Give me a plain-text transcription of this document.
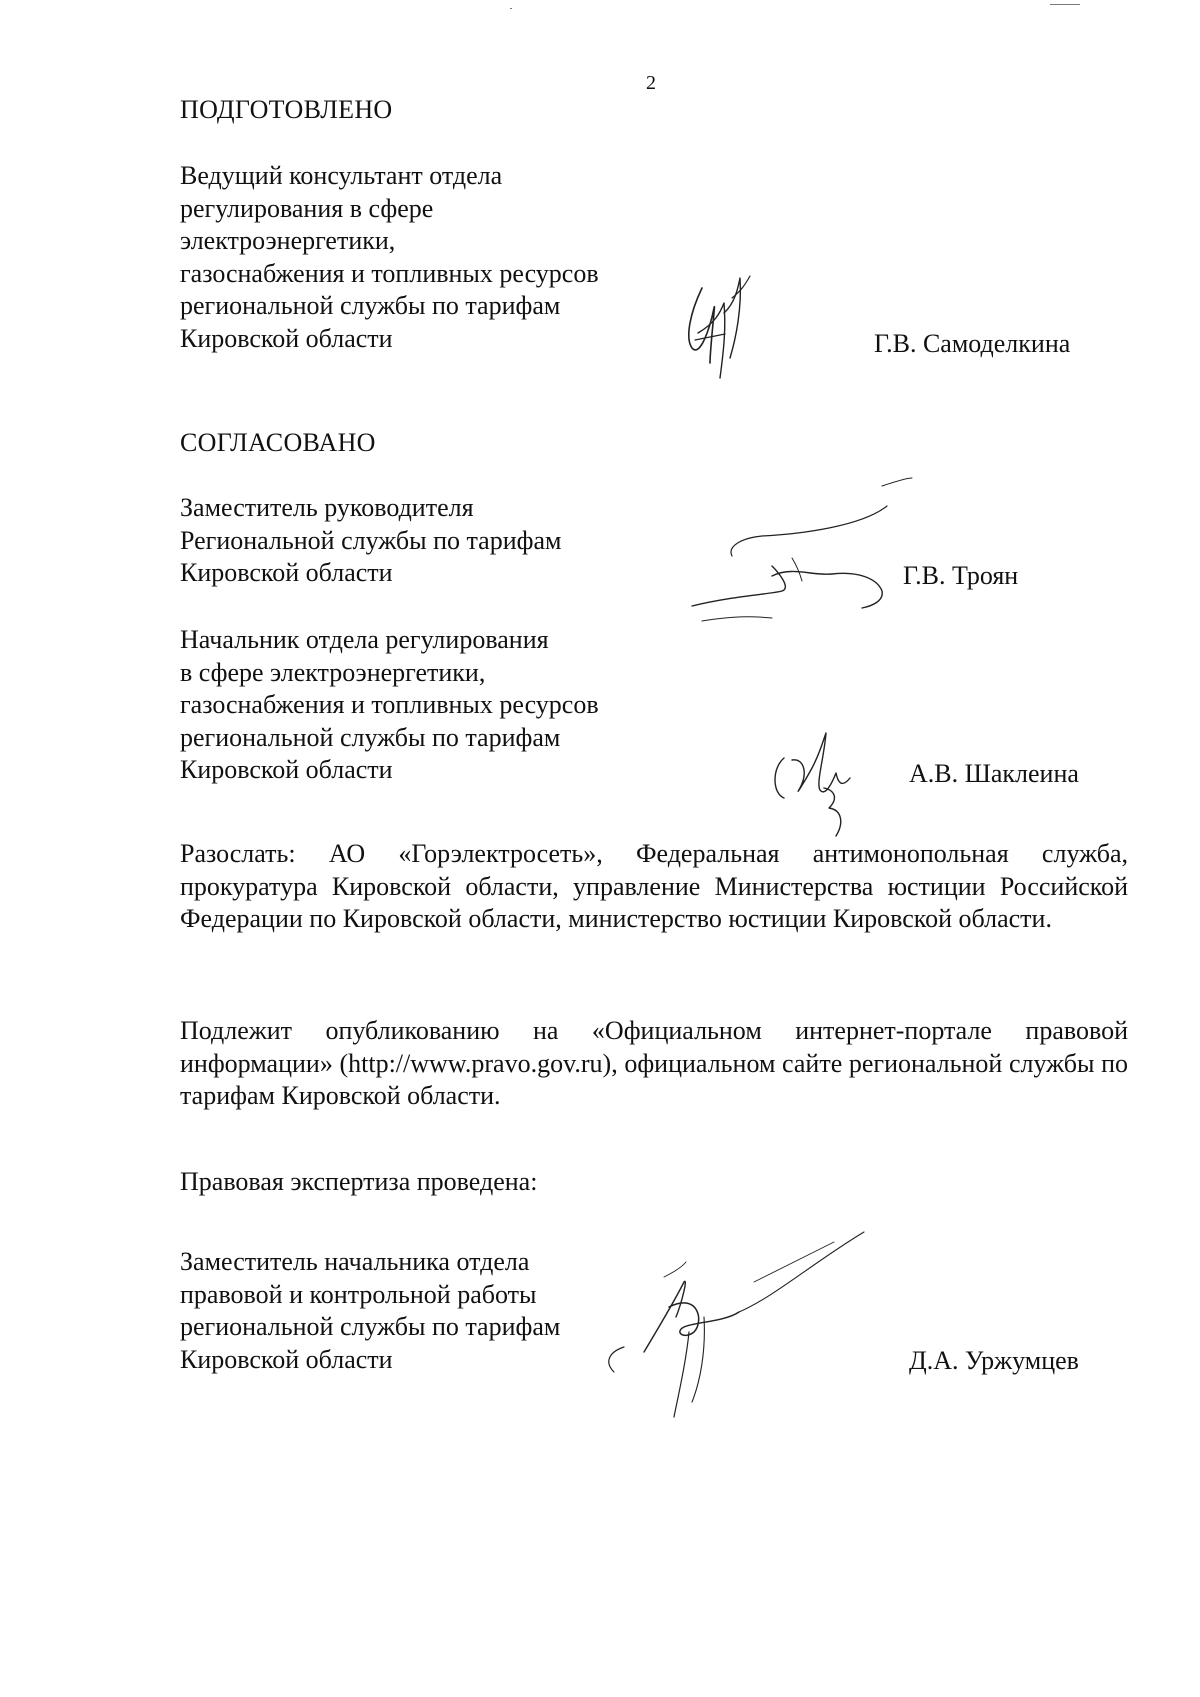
2
ПОДГОТОВЛЕНО
Ведущий консультант отдела
регулирования в сфере
электроэнергетики,
газоснабжения и топливных ресурсов
региональной службы по тарифам
Кировской области	Г.В. Самоделкина
СОГЛАСОВАНО
Заместитель руководителя
Региональной службы по тарифам
Кировской области	Г.В. Троян
Начальник отдела регулирования
в сфере электроэнергетики,
газоснабжения и топливных ресурсов
региональной службы по тарифам
Кировской области	А.В. Шаклеина
Разослать: АО «Горэлектросеть», Федеральная антимонопольная служба, прокуратура Кировской области, управление Министерства юстиции Российской Федерации по Кировской области, министерство юстиции Кировской области.
Подлежит опубликованию на «Официальном интернет-портале правовой информации» (http://www.pravo.gov.ru), официальном сайте региональной службы по тарифам Кировской области.
Правовая экспертиза проведена:
Заместитель начальника отдела
правовой и контрольной работы
региональной службы по тарифам
Кировской области	Д.А. Уржумцев
